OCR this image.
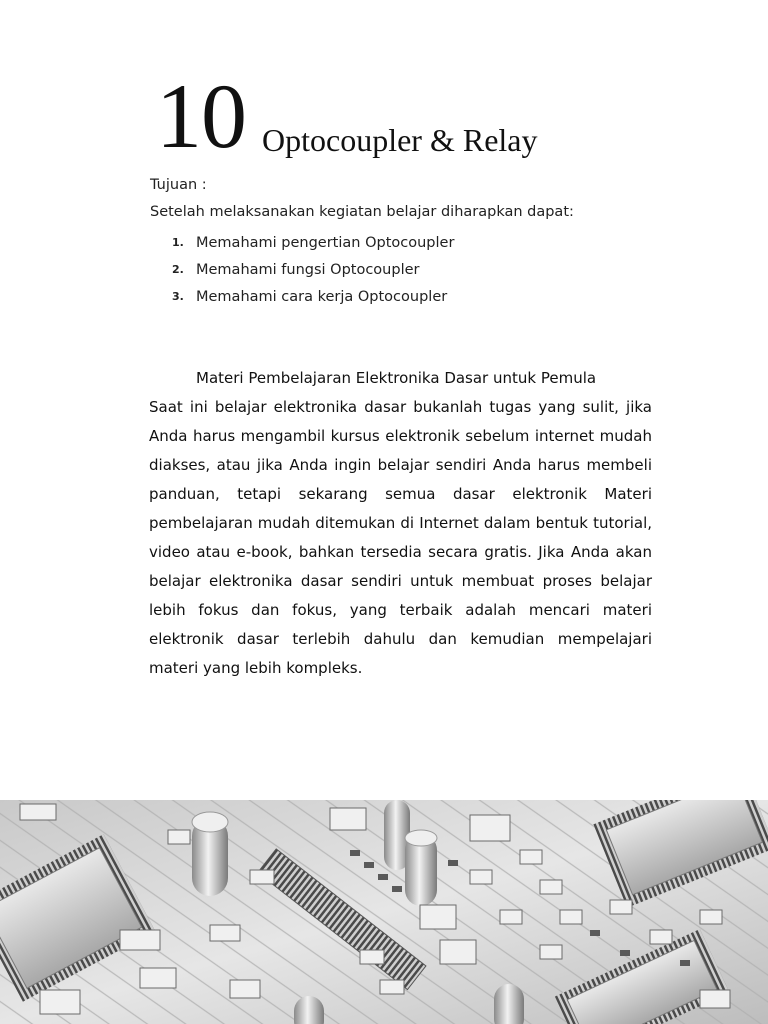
10 Optocoupler & Relay
Tujuan :
Setelah melaksanakan kegiatan belajar diharapkan dapat:
1. Memahami pengertian Optocoupler
2. Memahami fungsi Optocoupler
3. Memahami cara kerja Optocoupler
Materi Pembelajaran Elektronika Dasar untuk Pemula
Saat ini belajar elektronika dasar bukanlah tugas yang sulit, jika Anda harus mengambil kursus elektronik sebelum internet mudah diakses, atau jika Anda ingin belajar sendiri Anda harus membeli panduan, tetapi sekarang semua dasar elektronik Materi pembelajaran mudah ditemukan di Internet dalam bentuk tutorial, video atau e-book, bahkan tersedia secara gratis. Jika Anda akan belajar elektronika dasar sendiri untuk membuat proses belajar lebih fokus dan fokus, yang terbaik adalah mencari materi elektronik dasar terlebih dahulu dan kemudian mempelajari materi yang lebih kompleks.
